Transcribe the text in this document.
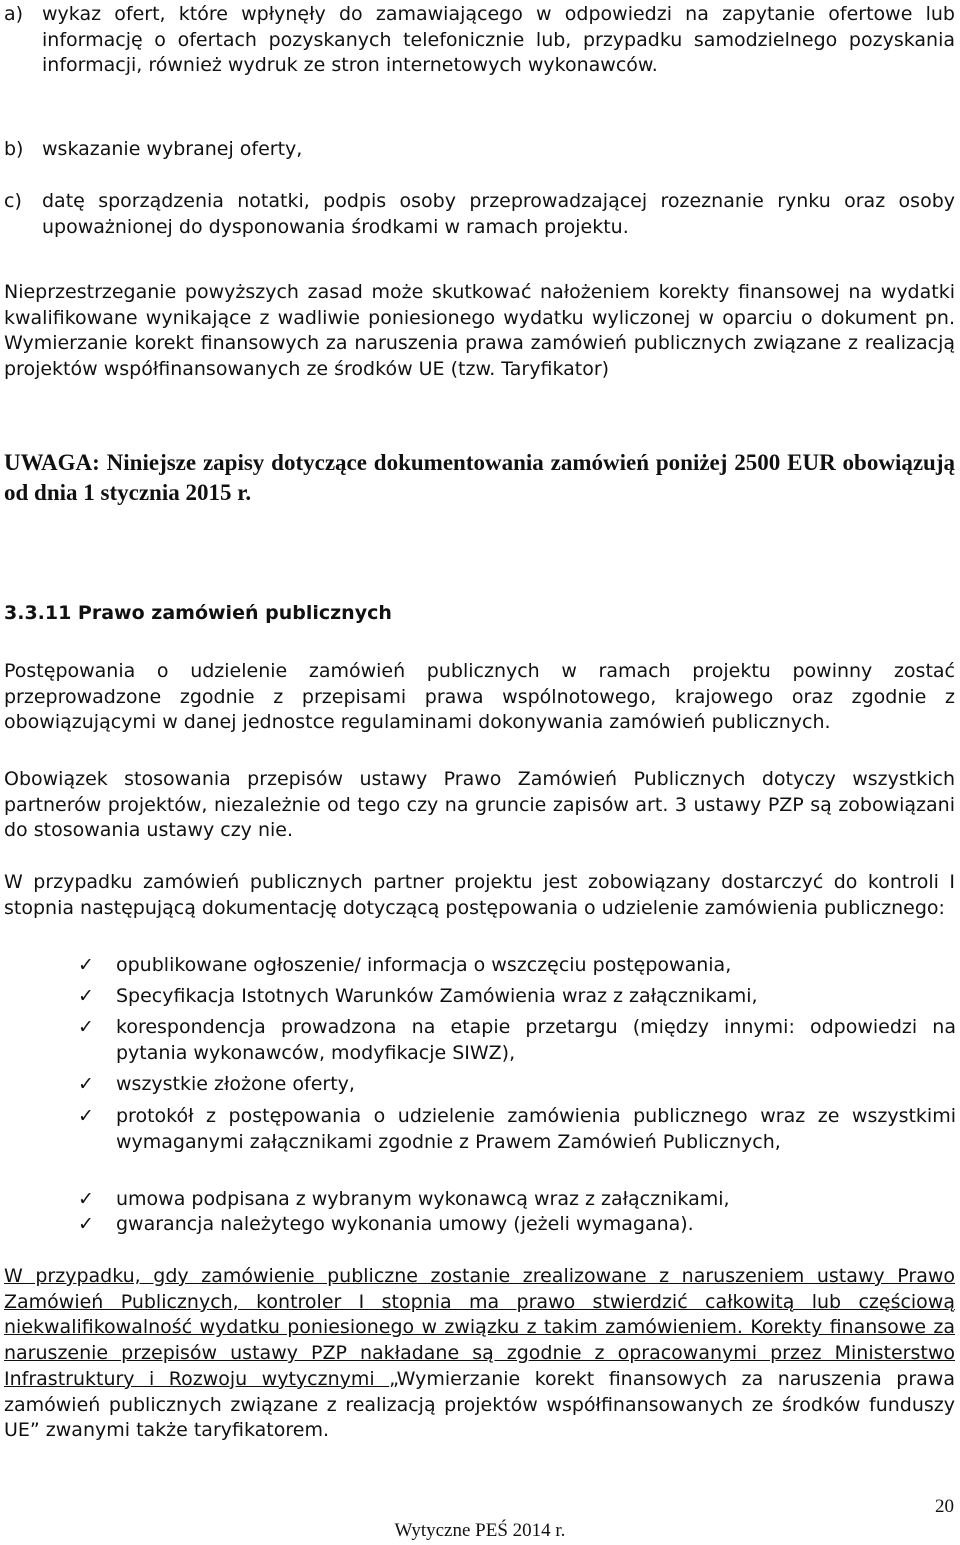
a) wykaz ofert, które wpłynęły do zamawiającego w odpowiedzi na zapytanie ofertowe lub informację o ofertach pozyskanych telefonicznie lub, przypadku samodzielnego pozyskania informacji, również wydruk ze stron internetowych wykonawców.
b) wskazanie wybranej oferty,
c)	datę sporządzenia notatki, podpis osoby przeprowadzającej rozeznanie rynku oraz osoby upoważnionej do dysponowania środkami w ramach projektu.

Nieprzestrzeganie powyższych zasad może skutkować nałożeniem korekty finansowej na wydatki kwalifikowane wynikające z wadliwie poniesionego wydatku wyliczonej w oparciu o dokument pn. Wymierzanie korekt finansowych za naruszenia prawa zamówień publicznych związane z realizacją projektów współfinansowanych ze środków UE (tzw. Taryfikator)

UWAGA: Niniejsze zapisy dotyczące dokumentowania zamówień poniżej 2500 EUR obowiązują od dnia 1 stycznia 2015 r.

3.3.11 Prawo zamówień publicznych

Postępowania o udzielenie zamówień publicznych w ramach projektu powinny zostać przeprowadzone zgodnie z przepisami prawa wspólnotowego, krajowego oraz zgodnie z obowiązującymi w danej jednostce regulaminami dokonywania zamówień publicznych.

Obowiązek stosowania przepisów ustawy Prawo Zamówień Publicznych dotyczy wszystkich partnerów projektów, niezależnie od tego czy na gruncie zapisów art. 3 ustawy PZP są zobowiązani do stosowania ustawy czy nie.

W przypadku zamówień publicznych partner projektu jest zobowiązany dostarczyć do kontroli I stopnia następującą dokumentację dotyczącą postępowania o udzielenie zamówienia publicznego:

✓	opublikowane ogłoszenie/ informacja o wszczęciu postępowania,
✓	Specyfikacja Istotnych Warunków Zamówienia wraz z załącznikami,
✓	korespondencja prowadzona na etapie przetargu (między innymi: odpowiedzi na pytania wykonawców, modyfikacje SIWZ),
✓	wszystkie złożone oferty,
✓	protokół z postępowania o udzielenie zamówienia publicznego wraz ze wszystkimi wymaganymi załącznikami zgodnie z Prawem Zamówień Publicznych,
✓	umowa podpisana z wybranym wykonawcą wraz z załącznikami,
✓	gwarancja należytego wykonania umowy (jeżeli wymagana).

W przypadku, gdy zamówienie publiczne zostanie zrealizowane z naruszeniem ustawy Prawo Zamówień Publicznych, kontroler I stopnia ma prawo stwierdzić całkowitą lub częściową niekwalifikowalność wydatku poniesionego w związku z takim zamówieniem. Korekty finansowe za naruszenie przepisów ustawy PZP nakładane są zgodnie z opracowanymi przez Ministerstwo Infrastruktury i Rozwoju wytycznymi „Wymierzanie korekt finansowych za naruszenia prawa zamówień publicznych związane z realizacją projektów współfinansowanych ze środków funduszy UE” zwanymi także taryfikatorem.

20
Wytyczne PEŚ 2014 r.
